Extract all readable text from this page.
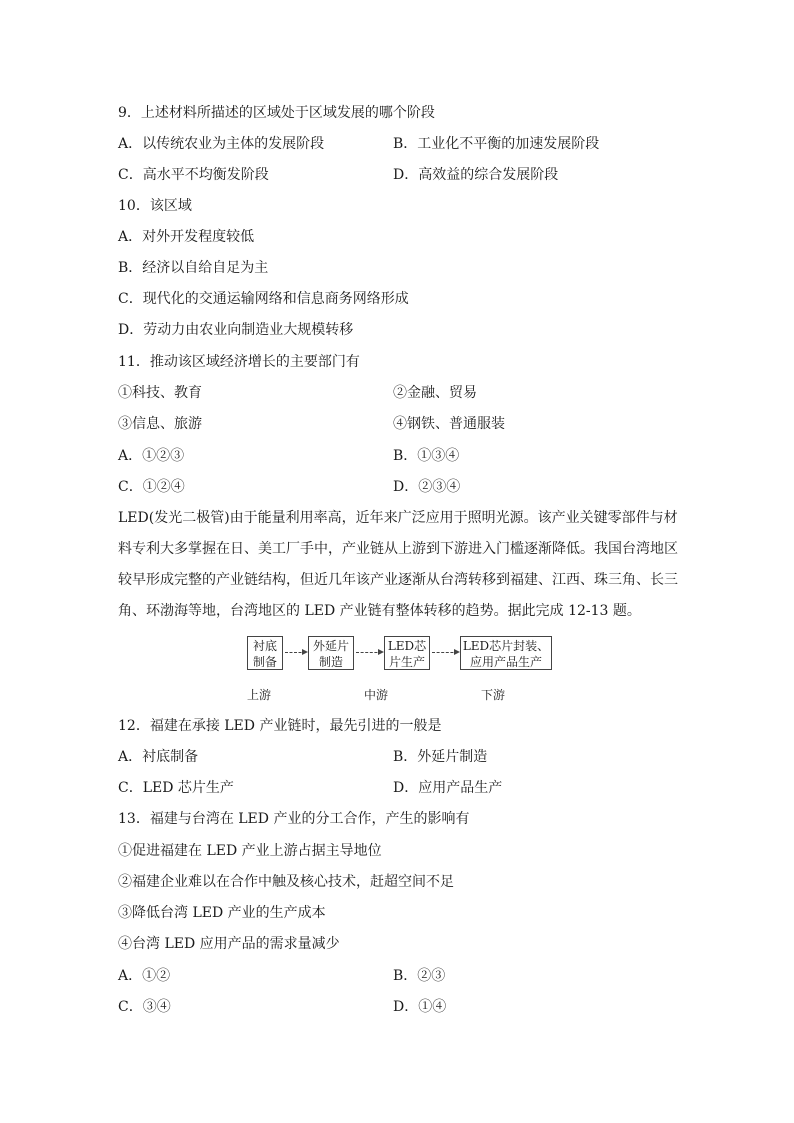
9．上述材料所描述的区域处于区域发展的哪个阶段
A．以传统农业为主体的发展阶段	B．工业化不平衡的加速发展阶段
C．高水平不均衡发阶段	D．高效益的综合发展阶段
10．该区域
A．对外开发程度较低
B．经济以自给自足为主
C．现代化的交通运输网络和信息商务网络形成
D．劳动力由农业向制造业大规模转移
11．推动该区域经济增长的主要部门有
①科技、教育	②金融、贸易
③信息、旅游	④钢铁、普通服装
A．①②③	B．①③④
C．①②④	D．②③④
LED(发光二极管)由于能量利用率高，近年来广泛应用于照明光源。该产业关键零部件与材
料专利大多掌握在日、美工厂手中，产业链从上游到下游进入门槛逐渐降低。我国台湾地区
较早形成完整的产业链结构，但近几年该产业逐渐从台湾转移到福建、江西、珠三角、长三
角、环渤海等地，台湾地区的 LED 产业链有整体转移的趋势。据此完成 12-13 题。
衬底
制备
外延片
制造
LED芯
片生产
LED芯片封装、
应用产品生产
上游	中游	下游
12．福建在承接 LED 产业链时，最先引进的一般是
A．衬底制备	B．外延片制造
C．LED 芯片生产	D．应用产品生产
13．福建与台湾在 LED 产业的分工合作，产生的影响有
①促进福建在 LED 产业上游占据主导地位
②福建企业难以在合作中触及核心技术，赶超空间不足
③降低台湾 LED 产业的生产成本
④台湾 LED 应用产品的需求量减少
A．①②	B．②③
C．③④	D．①④
